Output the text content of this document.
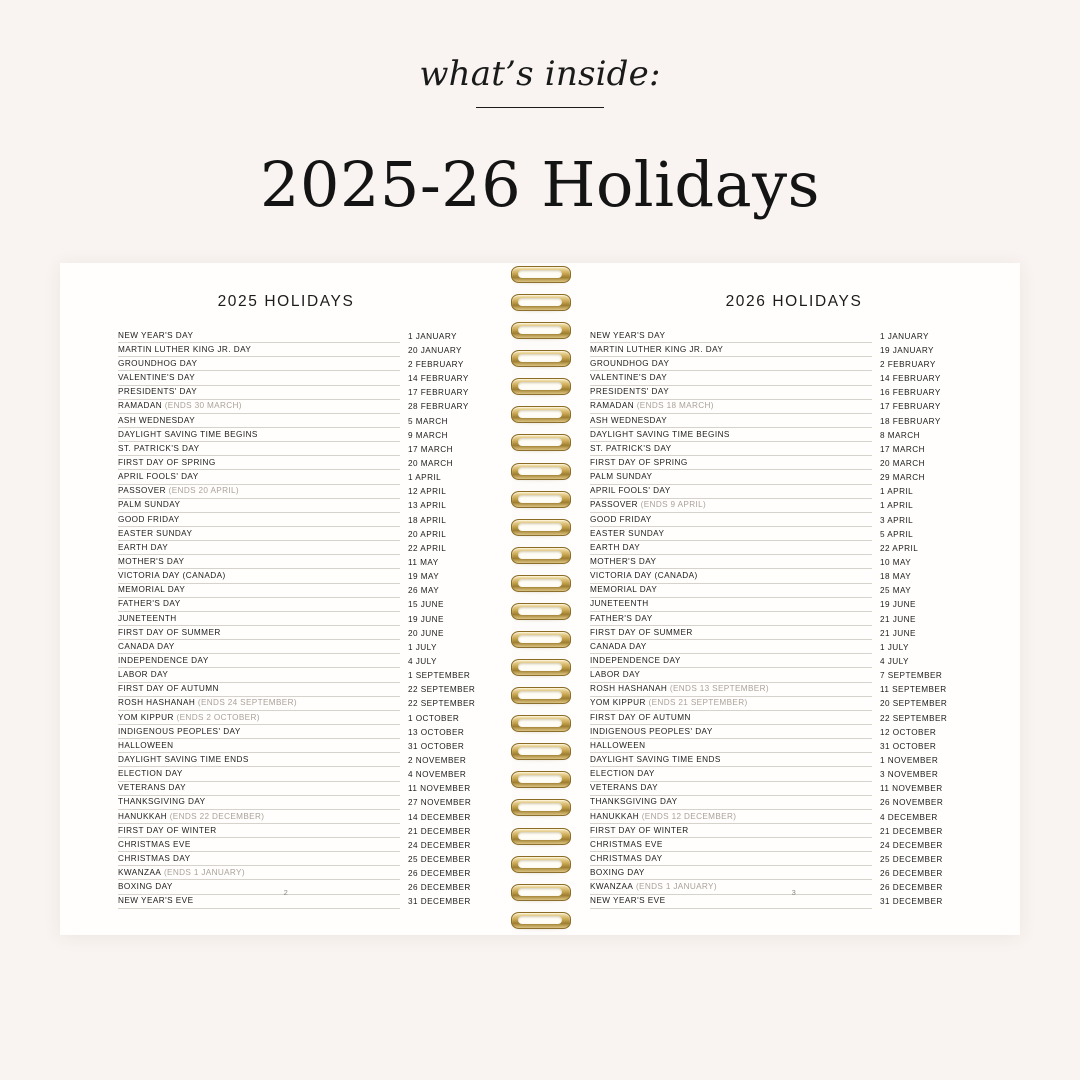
what’s inside:
2025-26 Holidays
2025 HOLIDAYS
NEW YEAR'S DAY	1 JANUARY
MARTIN LUTHER KING JR. DAY	20 JANUARY
GROUNDHOG DAY	2 FEBRUARY
VALENTINE'S DAY	14 FEBRUARY
PRESIDENTS' DAY	17 FEBRUARY
RAMADAN (ENDS 30 MARCH)	28 FEBRUARY
ASH WEDNESDAY	5 MARCH
DAYLIGHT SAVING TIME BEGINS	9 MARCH
ST. PATRICK'S DAY	17 MARCH
FIRST DAY OF SPRING	20 MARCH
APRIL FOOLS' DAY	1 APRIL
PASSOVER (ENDS 20 APRIL)	12 APRIL
PALM SUNDAY	13 APRIL
GOOD FRIDAY	18 APRIL
EASTER SUNDAY	20 APRIL
EARTH DAY	22 APRIL
MOTHER'S DAY	11 MAY
VICTORIA DAY (CANADA)	19 MAY
MEMORIAL DAY	26 MAY
FATHER'S DAY	15 JUNE
JUNETEENTH	19 JUNE
FIRST DAY OF SUMMER	20 JUNE
CANADA DAY	1 JULY
INDEPENDENCE DAY	4 JULY
LABOR DAY	1 SEPTEMBER
FIRST DAY OF AUTUMN	22 SEPTEMBER
ROSH HASHANAH (ENDS 24 SEPTEMBER)	22 SEPTEMBER
YOM KIPPUR (ENDS 2 OCTOBER)	1 OCTOBER
INDIGENOUS PEOPLES' DAY	13 OCTOBER
HALLOWEEN	31 OCTOBER
DAYLIGHT SAVING TIME ENDS	2 NOVEMBER
ELECTION DAY	4 NOVEMBER
VETERANS DAY	11 NOVEMBER
THANKSGIVING DAY	27 NOVEMBER
HANUKKAH (ENDS 22 DECEMBER)	14 DECEMBER
FIRST DAY OF WINTER	21 DECEMBER
CHRISTMAS EVE	24 DECEMBER
CHRISTMAS DAY	25 DECEMBER
KWANZAA (ENDS 1 JANUARY)	26 DECEMBER
BOXING DAY	26 DECEMBER
NEW YEAR'S EVE	31 DECEMBER
2
2026 HOLIDAYS
NEW YEAR'S DAY	1 JANUARY
MARTIN LUTHER KING JR. DAY	19 JANUARY
GROUNDHOG DAY	2 FEBRUARY
VALENTINE'S DAY	14 FEBRUARY
PRESIDENTS' DAY	16 FEBRUARY
RAMADAN (ENDS 18 MARCH)	17 FEBRUARY
ASH WEDNESDAY	18 FEBRUARY
DAYLIGHT SAVING TIME BEGINS	8 MARCH
ST. PATRICK'S DAY	17 MARCH
FIRST DAY OF SPRING	20 MARCH
PALM SUNDAY	29 MARCH
APRIL FOOLS' DAY	1 APRIL
PASSOVER (ENDS 9 APRIL)	1 APRIL
GOOD FRIDAY	3 APRIL
EASTER SUNDAY	5 APRIL
EARTH DAY	22 APRIL
MOTHER'S DAY	10 MAY
VICTORIA DAY (CANADA)	18 MAY
MEMORIAL DAY	25 MAY
JUNETEENTH	19 JUNE
FATHER'S DAY	21 JUNE
FIRST DAY OF SUMMER	21 JUNE
CANADA DAY	1 JULY
INDEPENDENCE DAY	4 JULY
LABOR DAY	7 SEPTEMBER
ROSH HASHANAH (ENDS 13 SEPTEMBER)	11 SEPTEMBER
YOM KIPPUR (ENDS 21 SEPTEMBER)	20 SEPTEMBER
FIRST DAY OF AUTUMN	22 SEPTEMBER
INDIGENOUS PEOPLES' DAY	12 OCTOBER
HALLOWEEN	31 OCTOBER
DAYLIGHT SAVING TIME ENDS	1 NOVEMBER
ELECTION DAY	3 NOVEMBER
VETERANS DAY	11 NOVEMBER
THANKSGIVING DAY	26 NOVEMBER
HANUKKAH (ENDS 12 DECEMBER)	4 DECEMBER
FIRST DAY OF WINTER	21 DECEMBER
CHRISTMAS EVE	24 DECEMBER
CHRISTMAS DAY	25 DECEMBER
BOXING DAY	26 DECEMBER
KWANZAA (ENDS 1 JANUARY)	26 DECEMBER
NEW YEAR'S EVE	31 DECEMBER
3
